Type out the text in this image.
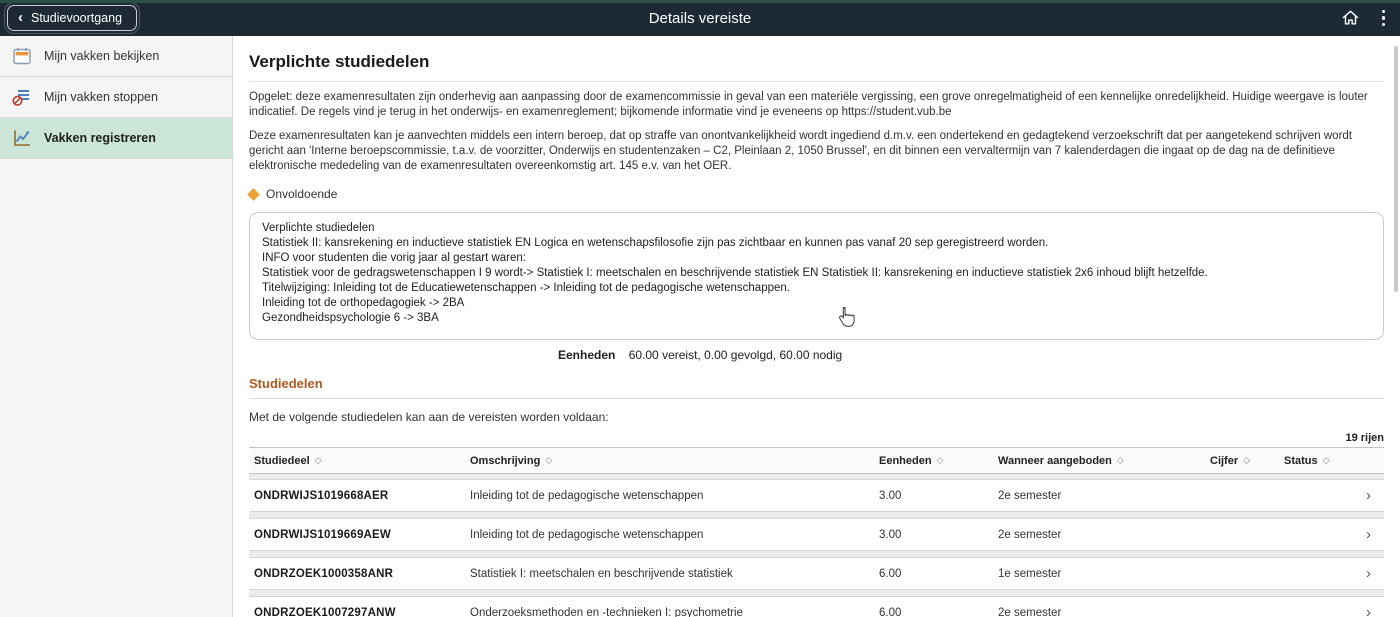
‹ Studievoortgang	Details vereiste
Mijn vakken bekijken
Mijn vakken stoppen
Vakken registreren
Verplichte studiedelen
Opgelet: deze examenresultaten zijn onderhevig aan aanpassing door de examencommissie in geval van een materiële vergissing, een grove onregelmatigheid of een kennelijke onredelijkheid. Huidige weergave is louter indicatief. De regels vind je terug in het onderwijs- en examenreglement; bijkomende informatie vind je eveneens op https://student.vub.be
Deze examenresultaten kan je aanvechten middels een intern beroep, dat op straffe van onontvankelijkheid wordt ingediend d.m.v. een ondertekend en gedagtekend verzoekschrift dat per aangetekend schrijven wordt gericht aan 'Interne beroepscommissie, t.a.v. de voorzitter, Onderwijs en studentenzaken – C2, Pleinlaan 2, 1050 Brussel', en dit binnen een vervaltermijn van 7 kalenderdagen die ingaat op de dag na de definitieve elektronische mededeling van de examenresultaten overeenkomstig art. 145 e.v. van het OER.
Onvoldoende
Verplichte studiedelen
Statistiek II: kansrekening en inductieve statistiek EN Logica en wetenschapsfilosofie zijn pas zichtbaar en kunnen pas vanaf 20 sep geregistreerd worden.
INFO voor studenten die vorig jaar al gestart waren:
Statistiek voor de gedragswetenschappen I 9 wordt-> Statistiek I: meetschalen en beschrijvende statistiek EN Statistiek II: kansrekening en inductieve statistiek 2x6 inhoud blijft hetzelfde.
Titelwijziging: Inleiding tot de Educatiewetenschappen -> Inleiding tot de pedagogische wetenschappen.
Inleiding tot de orthopedagogiek -> 2BA
Gezondheidspsychologie 6 -> 3BA
Eenheden 60.00 vereist, 0.00 gevolgd, 60.00 nodig
Studiedelen
Met de volgende studiedelen kan aan de vereisten worden voldaan:
19 rijen
Studiedeel ◇	Omschrijving ◇	Eenheden ◇	Wanneer aangeboden ◇	Cijfer ◇	Status ◇
ONDRWIJS1019668AER	Inleiding tot de pedagogische wetenschappen	3.00	2e semester	›
ONDRWIJS1019669AEW	Inleiding tot de pedagogische wetenschappen	3.00	2e semester	›
ONDRZOEK1000358ANR	Statistiek I: meetschalen en beschrijvende statistiek	6.00	1e semester	›
ONDRZOEK1007297ANW	Onderzoeksmethoden en -technieken I: psychometrie	6.00	2e semester	›
